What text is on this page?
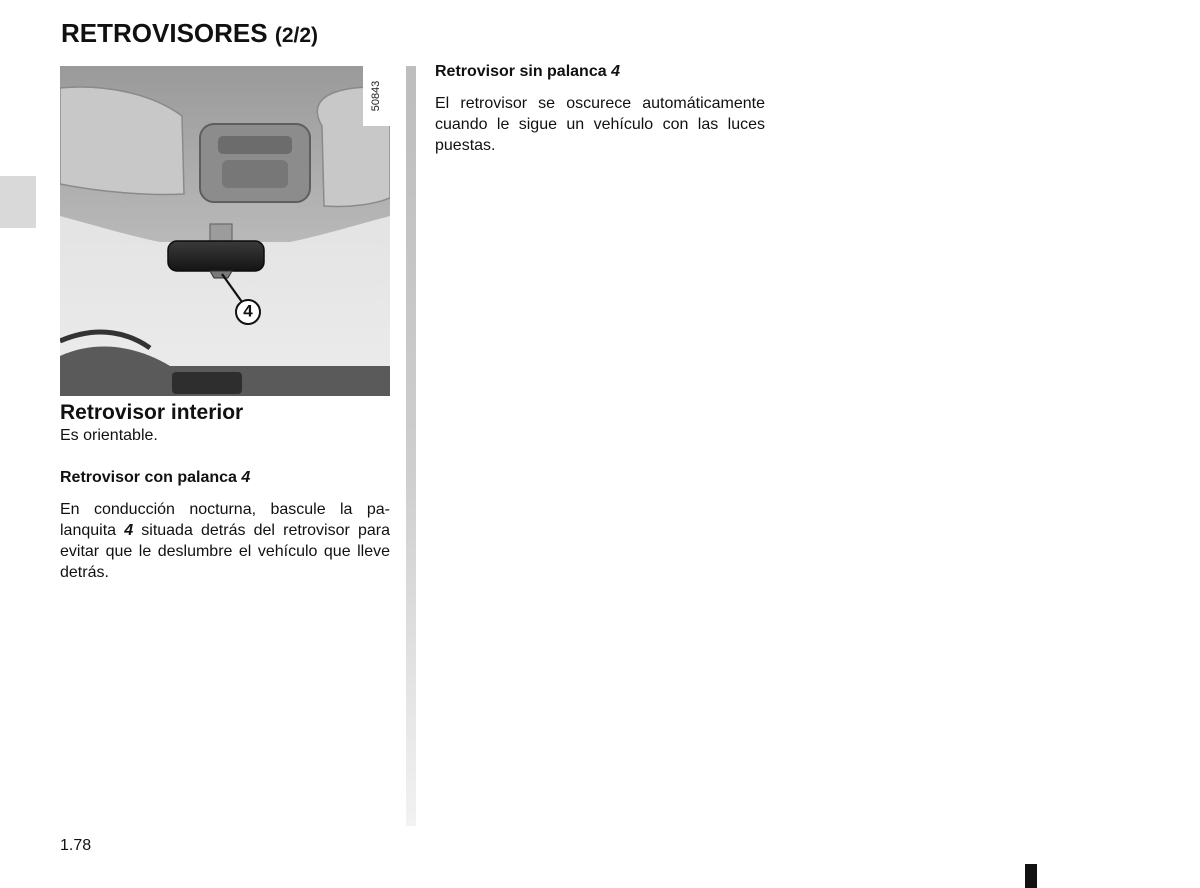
RETROVISORES (2/2)
50843
4
Retrovisor interior

Es orientable.

Retrovisor con palanca 4

En conducción nocturna, bascule la palanquita 4 situada detrás del retrovisor para evitar que le deslumbre el vehículo que lleve detrás.

Retrovisor sin palanca 4

El retrovisor se oscurece automáticamente cuando le sigue un vehículo con las luces puestas.

1.78
